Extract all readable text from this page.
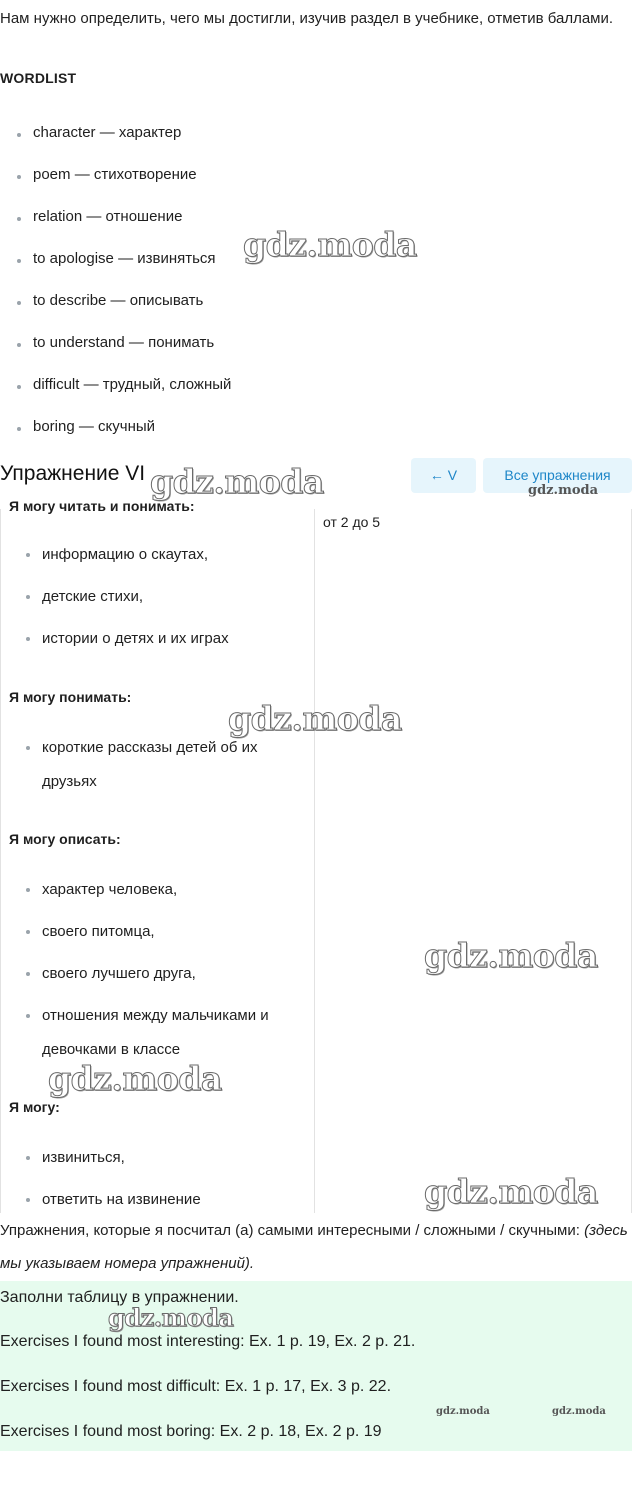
Нам нужно определить, чего мы достигли, изучив раздел в учебнике, отметив баллами.
WORDLIST
character — характер
poem — стихотворение
relation — отношение
to apologise — извиняться
to describe — описывать
to understand — понимать
difficult — трудный, сложный
boring — скучный
Упражнение VI	← V	Все упражнения
Я могу читать и понимать:
информацию о скаутах,
детские стихи,
истории о детях и их играх
Я могу понимать:
короткие рассказы детей об их друзьях
Я могу описать:
характер человека,
своего питомца,
своего лучшего друга,
отношения между мальчиками и девочками в классе
Я могу:
извиниться,
ответить на извинение
от 2 до 5
Упражнения, которые я посчитал (а) самыми интересными / сложными / скучными: (здесь мы указываем номера упражнений).
Заполни таблицу в упражнении.
Exercises I found most interesting: Ex. 1 p. 19, Ex. 2 p. 21.
Exercises I found most difficult: Ex. 1 p. 17, Ex. 3 p. 22.
Exercises I found most boring: Ex. 2 p. 18, Ex. 2 p. 19
gdz.moda
gdz.moda	gdz.moda
gdz.moda
gdz.moda
gdz.moda
gdz.moda
gdz.moda
gdz.moda	gdz.moda
